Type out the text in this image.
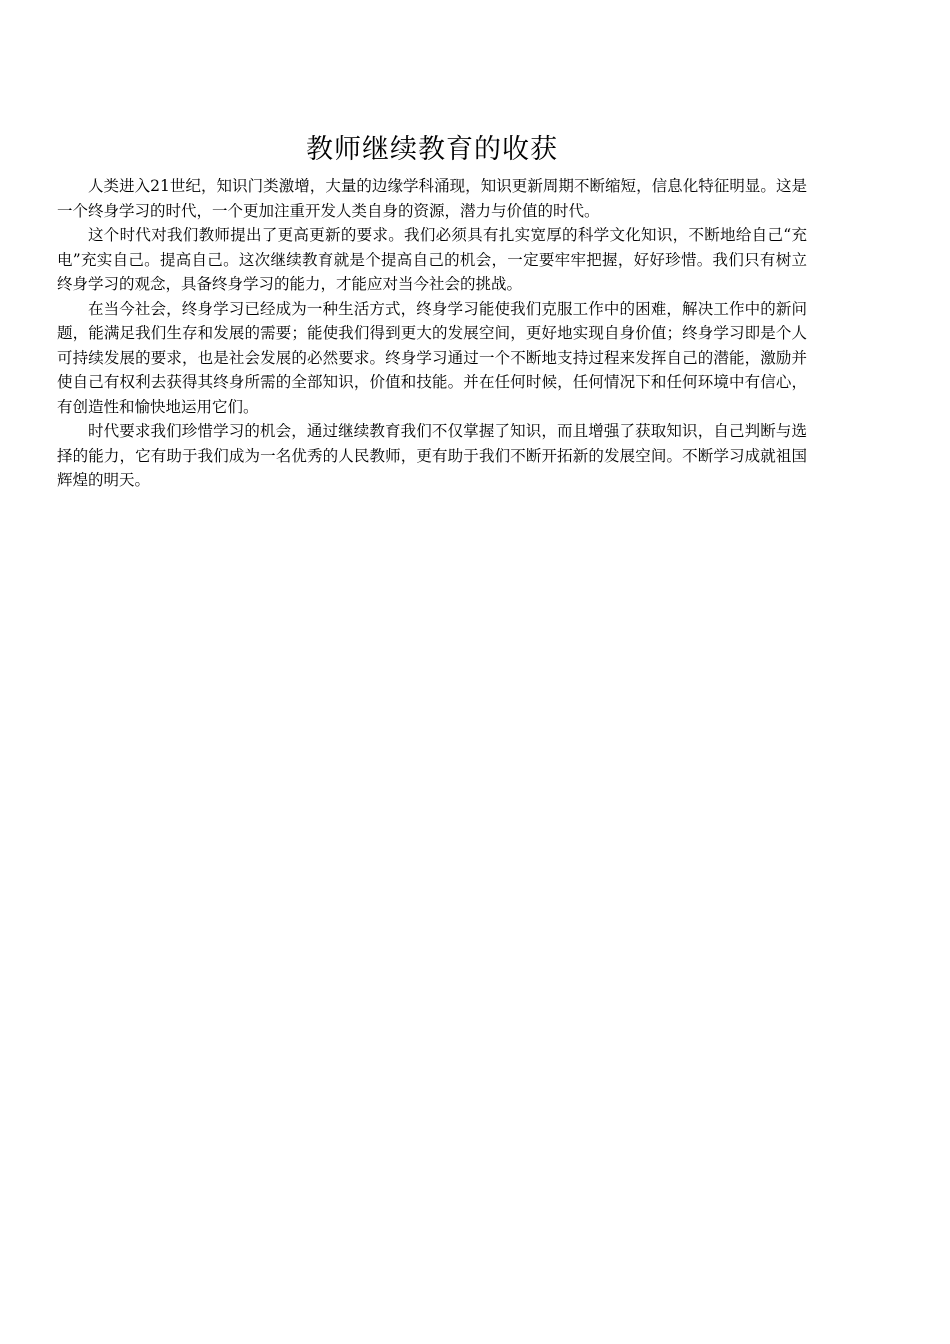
教师继续教育的收获

人类进入21世纪，知识门类激增，大量的边缘学科涌现，知识更新周期不断缩短，信息化特征明显。这是一个终身学习的时代，一个更加注重开发人类自身的资源，潜力与价值的时代。

这个时代对我们教师提出了更高更新的要求。我们必须具有扎实宽厚的科学文化知识，不断地给自己“充电”充实自己。提高自己。这次继续教育就是个提高自己的机会，一定要牢牢把握，好好珍惜。我们只有树立终身学习的观念，具备终身学习的能力，才能应对当今社会的挑战。

在当今社会，终身学习已经成为一种生活方式，终身学习能使我们克服工作中的困难，解决工作中的新问题，能满足我们生存和发展的需要；能使我们得到更大的发展空间，更好地实现自身价值；终身学习即是个人可持续发展的要求，也是社会发展的必然要求。终身学习通过一个不断地支持过程来发挥自己的潜能，激励并使自己有权利去获得其终身所需的全部知识，价值和技能。并在任何时候，任何情况下和任何环境中有信心，有创造性和愉快地运用它们。

时代要求我们珍惜学习的机会，通过继续教育我们不仅掌握了知识，而且增强了获取知识，自己判断与选择的能力，它有助于我们成为一名优秀的人民教师，更有助于我们不断开拓新的发展空间。不断学习成就祖国辉煌的明天。
